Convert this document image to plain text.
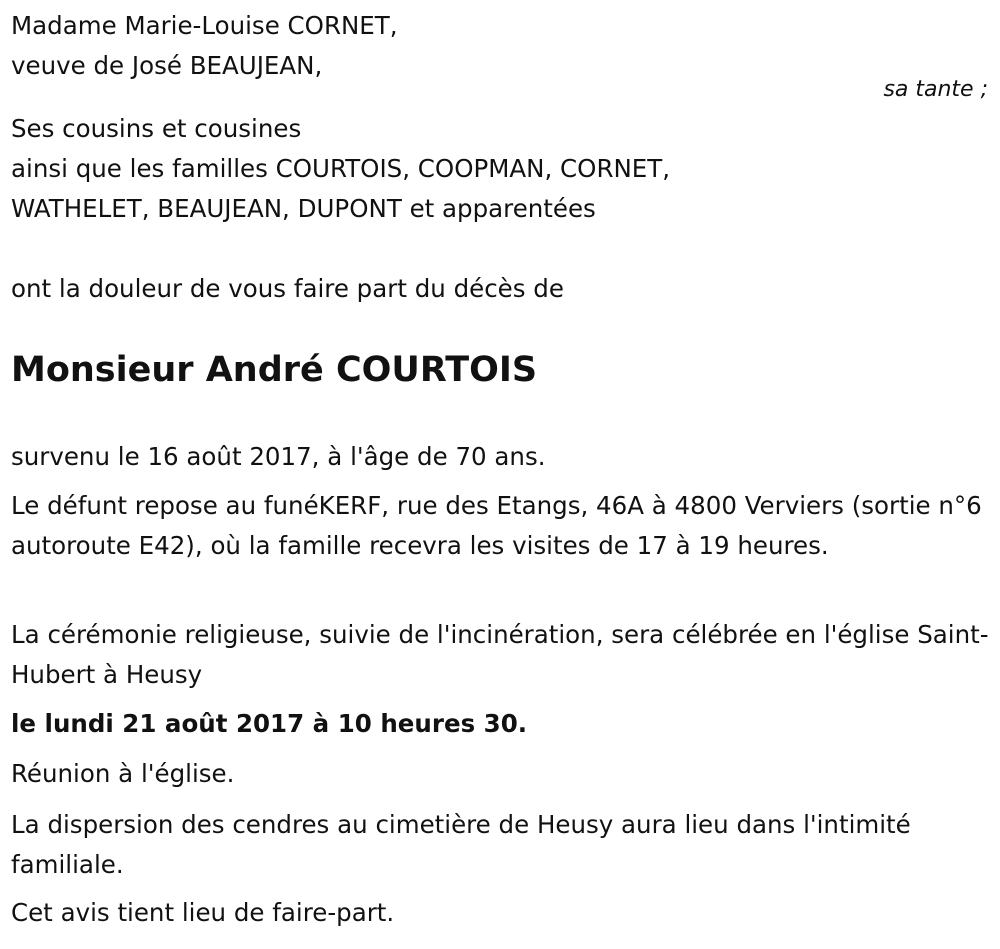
Madame Marie-Louise CORNET,
veuve de José BEAUJEAN,
sa tante ;
Ses cousins et cousines
ainsi que les familles COURTOIS, COOPMAN, CORNET,
WATHELET, BEAUJEAN, DUPONT et apparentées
ont la douleur de vous faire part du décès de
Monsieur André COURTOIS
survenu le 16 août 2017, à l'âge de 70 ans.
Le défunt repose au funéKERF, rue des Etangs, 46A à 4800 Verviers (sortie n°6 autoroute E42), où la famille recevra les visites de 17 à 19 heures.
La cérémonie religieuse, suivie de l'incinération, sera célébrée en l'église Saint-Hubert à Heusy
le lundi 21 août 2017 à 10 heures 30.
Réunion à l'église.
La dispersion des cendres au cimetière de Heusy aura lieu dans l'intimité familiale.
Cet avis tient lieu de faire-part.
